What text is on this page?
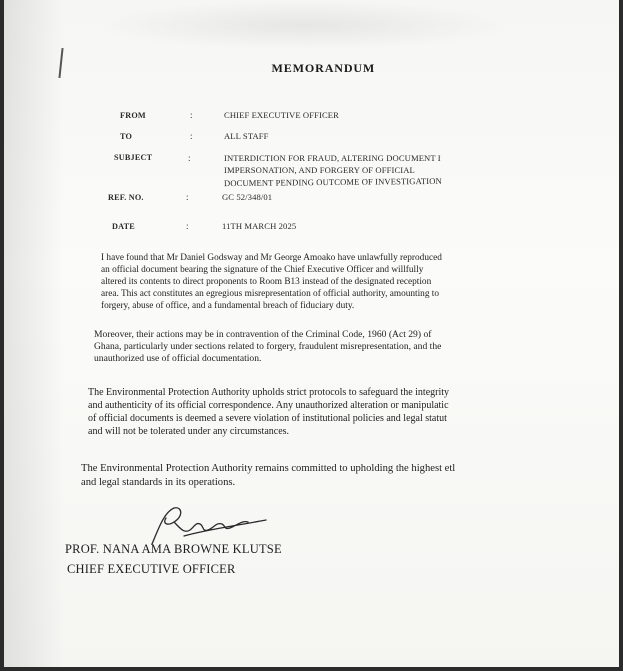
MEMORANDUM
FROM	:	CHIEF EXECUTIVE OFFICER
TO	:	ALL STAFF
SUBJECT	:	INTERDICTION FOR FRAUD, ALTERING DOCUMENT I
IMPERSONATION, AND FORGERY OF OFFICIAL
DOCUMENT PENDING OUTCOME OF INVESTIGATION
REF. NO.	:	GC 52/348/01
DATE	:	11TH MARCH 2025
I have found that Mr Daniel Godsway and Mr George Amoako have unlawfully reproduced
an official document bearing the signature of the Chief Executive Officer and willfully
altered its contents to direct proponents to Room B13 instead of the designated reception
area. This act constitutes an egregious misrepresentation of official authority, amounting to
forgery, abuse of office, and a fundamental breach of fiduciary duty.
Moreover, their actions may be in contravention of the Criminal Code, 1960 (Act 29) of
Ghana, particularly under sections related to forgery, fraudulent misrepresentation, and the
unauthorized use of official documentation.
The Environmental Protection Authority upholds strict protocols to safeguard the integrity
and authenticity of its official correspondence. Any unauthorized alteration or manipulatic
of official documents is deemed a severe violation of institutional policies and legal statut
and will not be tolerated under any circumstances.
The Environmental Protection Authority remains committed to upholding the highest etl
and legal standards in its operations.
PROF. NANA AMA BROWNE KLUTSE
CHIEF EXECUTIVE OFFICER
